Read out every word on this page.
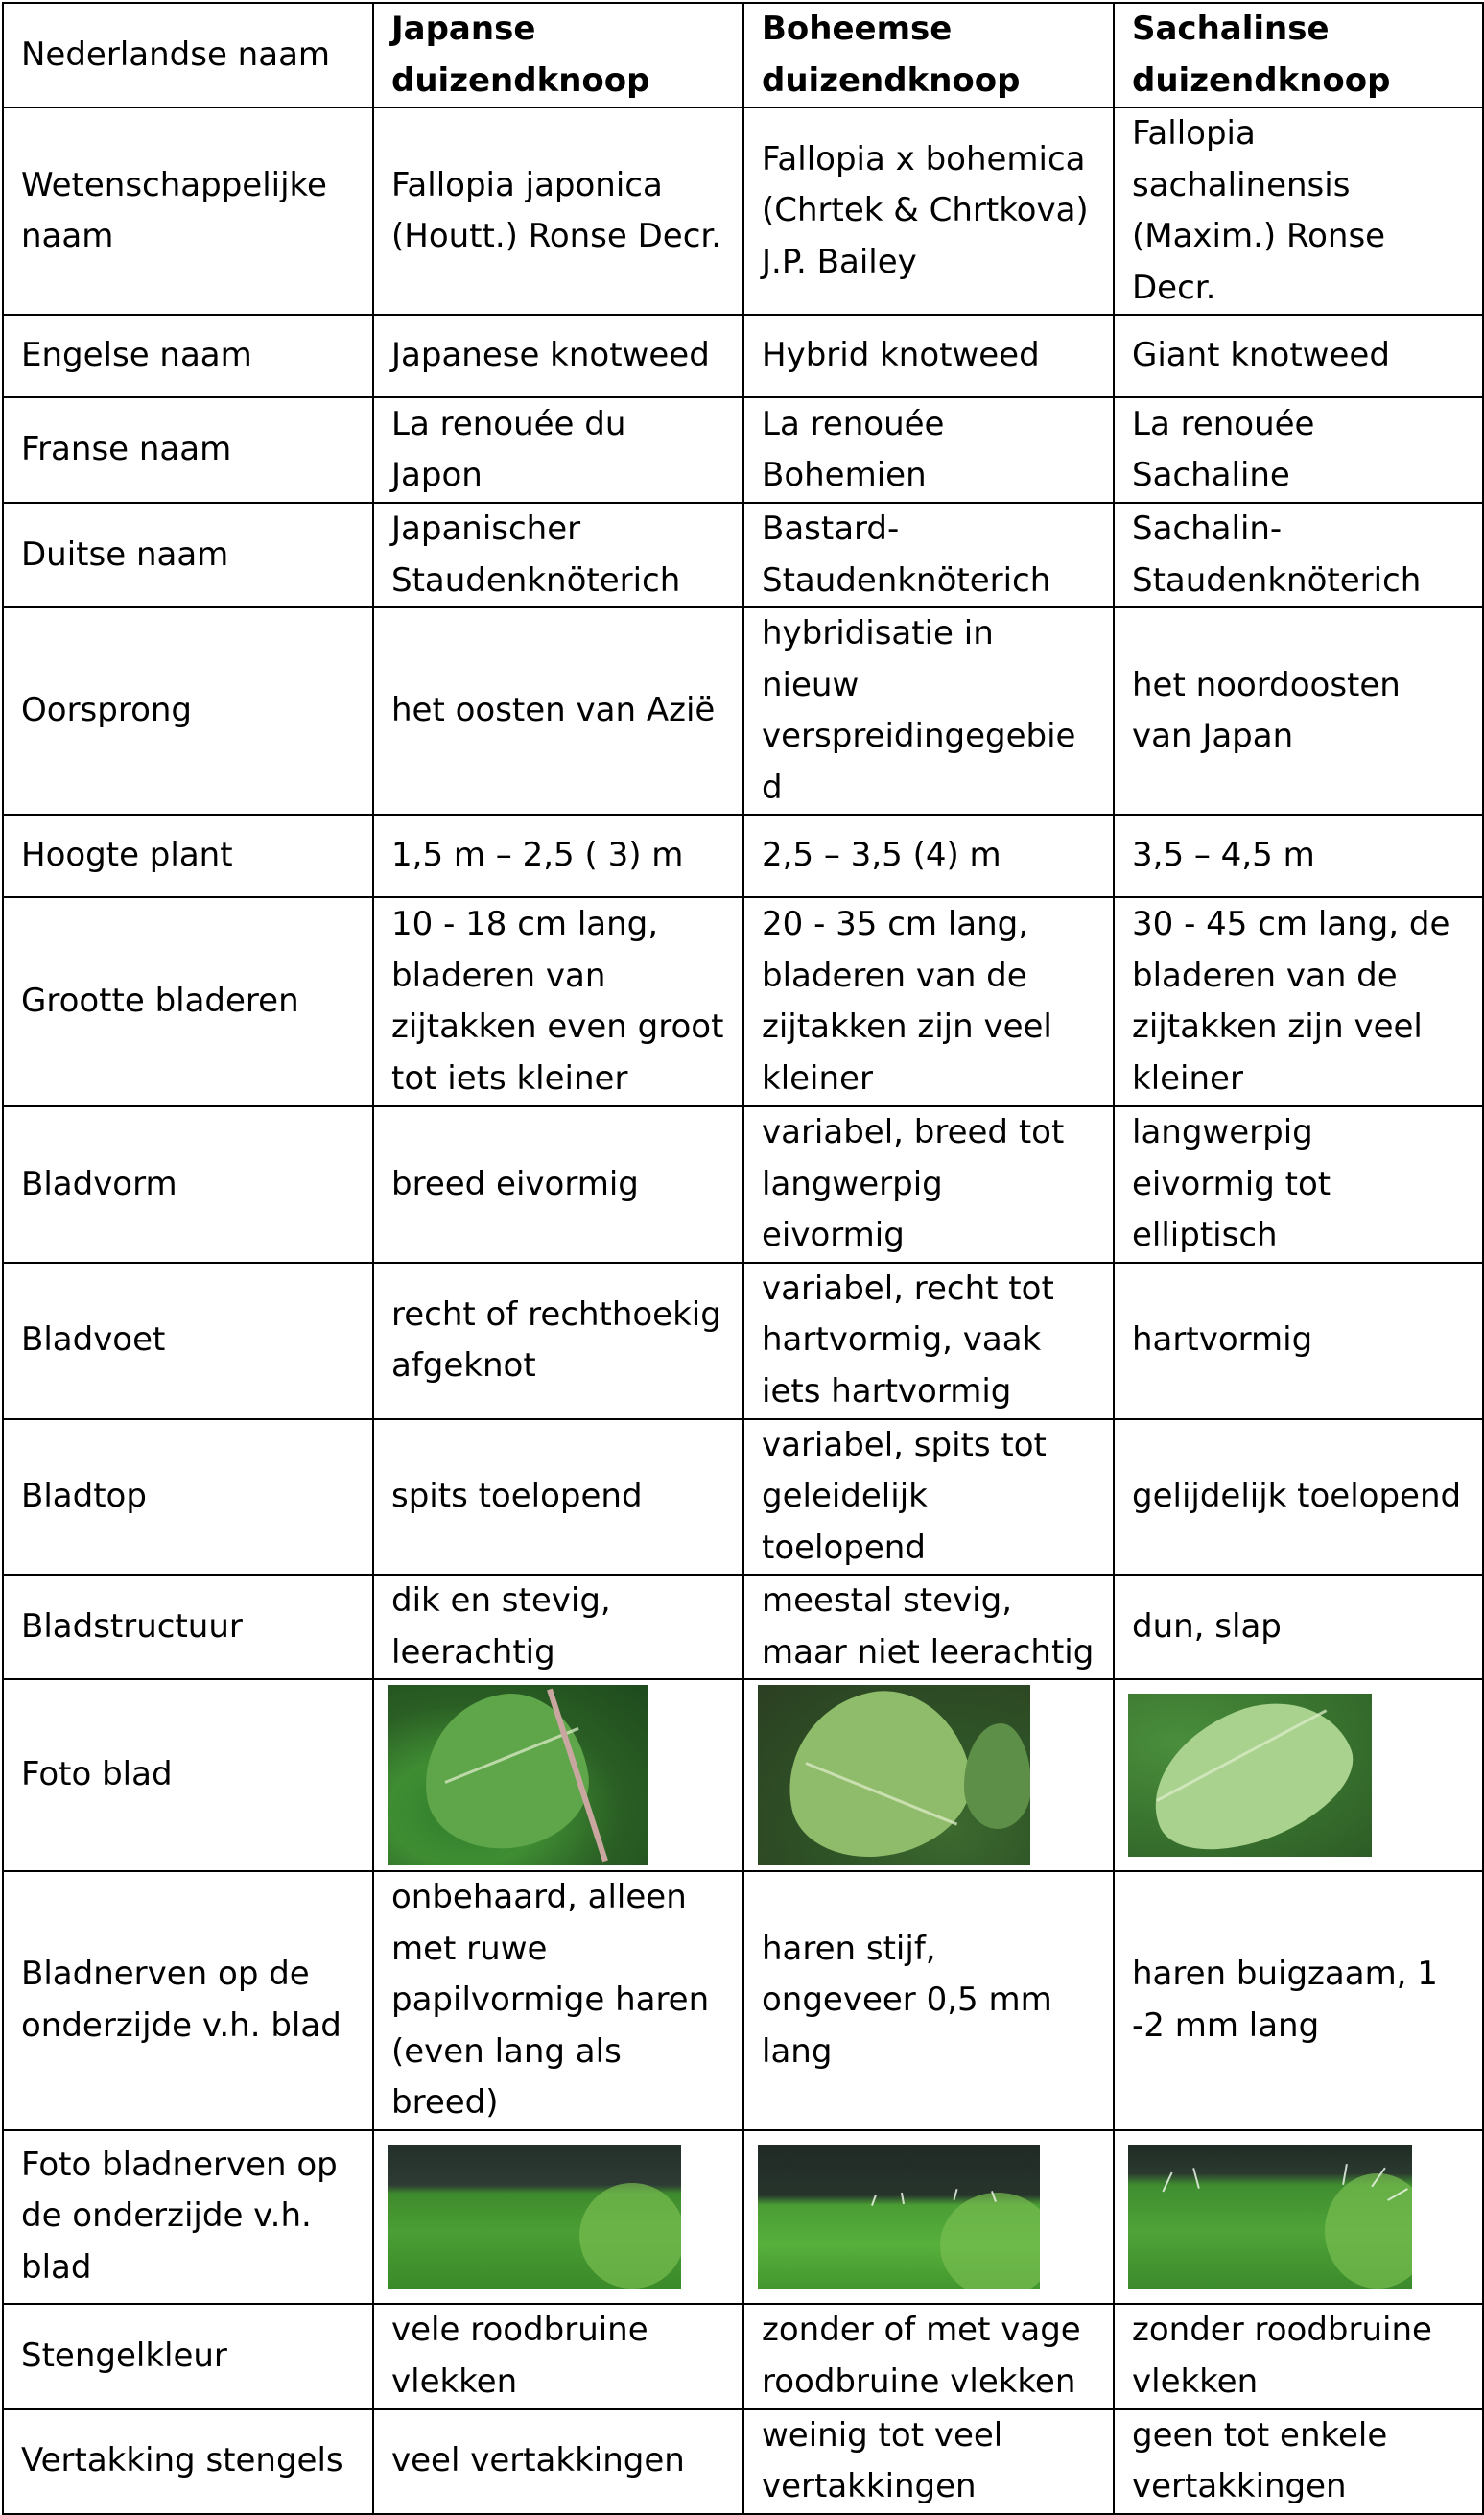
Nederlandse naam	Japanse duizendknoop	Boheemse duizendknoop	Sachalinse duizendknoop
Wetenschappelijke naam	Fallopia japonica (Houtt.) Ronse Decr.	Fallopia x bohemica (Chrtek & Chrtkova) J.P. Bailey	Fallopia sachalinensis (Maxim.) Ronse Decr.
Engelse naam	Japanese knotweed	Hybrid knotweed	Giant knotweed
Franse naam	La renouée du Japon	La renouée Bohemien	La renouée Sachaline
Duitse naam	Japanischer Staudenknöterich	Bastard-Staudenknöterich	Sachalin-Staudenknöterich
Oorsprong	het oosten van Azië	hybridisatie in nieuw verspreidingegebied	het noordoosten van Japan
Hoogte plant	1,5 m – 2,5 ( 3) m	2,5 – 3,5 (4) m	3,5 – 4,5 m
Grootte bladeren	10 - 18 cm lang, bladeren van zijtakken even groot tot iets kleiner	20 - 35 cm lang, bladeren van de zijtakken zijn veel kleiner	30 - 45 cm lang, de bladeren van de zijtakken zijn veel kleiner
Bladvorm	breed eivormig	variabel, breed tot langwerpig eivormig	langwerpig eivormig tot elliptisch
Bladvoet	recht of rechthoekig afgeknot	variabel, recht tot hartvormig, vaak iets hartvormig	hartvormig
Bladtop	spits toelopend	variabel, spits tot geleidelijk toelopend	gelijdelijk toelopend
Bladstructuur	dik en stevig, leerachtig	meestal stevig, maar niet leerachtig	dun, slap
Foto blad	

Bladnerven op de onderzijde v.h. blad	onbehaard, alleen met ruwe papilvormige haren (even lang als breed)	haren stijf, ongeveer 0,5 mm lang	haren buigzaam, 1 -2 mm lang
Foto bladnerven op de onderzijde v.h. blad	

Stengelkleur	vele roodbruine vlekken	zonder of met vage roodbruine vlekken	zonder roodbruine vlekken
Vertakking stengels	veel vertakkingen	weinig tot veel vertakkingen	geen tot enkele vertakkingen
